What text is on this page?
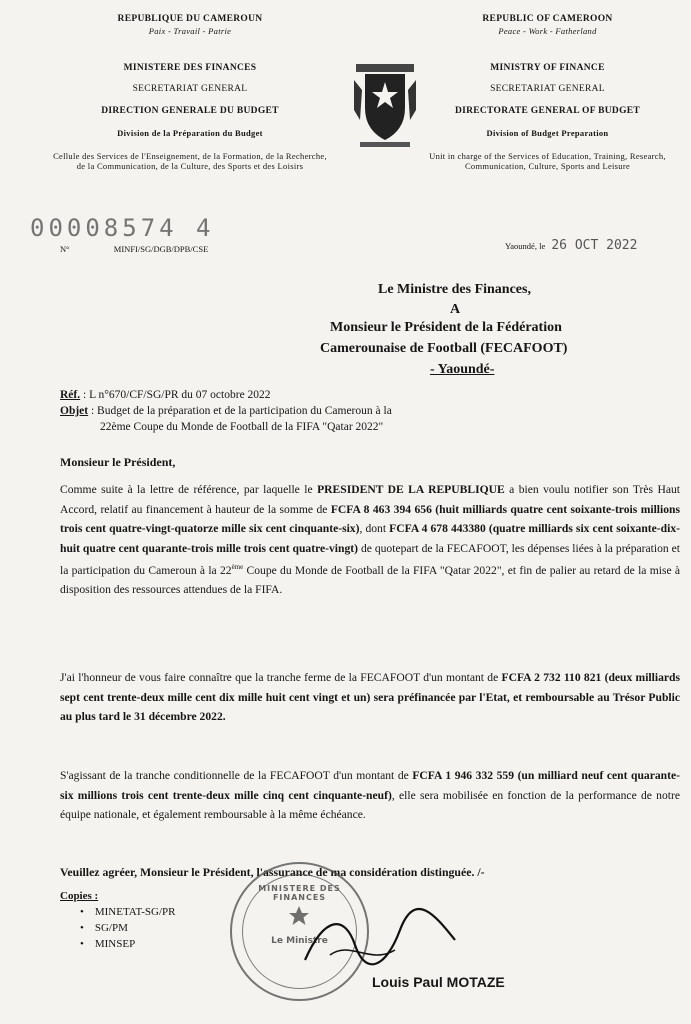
REPUBLIQUE DU CAMEROUN
Paix - Travail - Patrie
MINISTERE DES FINANCES
SECRETARIAT GENERAL
DIRECTION GENERALE DU BUDGET
Division de la Préparation du Budget
Cellule des Services de l'Enseignement, de la Formation, de la Recherche, de la Communication, de la Culture, des Sports et des Loisirs
00008574 4
N°	MINFI/SG/DGB/DPB/CSE
REPUBLIC OF CAMEROON
Peace - Work - Fatherland
MINISTRY OF FINANCE
SECRETARIAT GENERAL
DIRECTORATE GENERAL OF BUDGET
Division of Budget Preparation
Unit in charge of the Services of Education, Training, Research, Communication, Culture, Sports and Leisure
Yaoundé, le 26 OCT 2022
Le Ministre des Finances,
A
Monsieur le Président de la Fédération
Camerounaise de Football (FECAFOOT)
- Yaoundé-
Réf. : L n°670/CF/SG/PR du 07 octobre 2022
Objet : Budget de la préparation et de la participation du Cameroun à la
22ème Coupe du Monde de Football de la FIFA "Qatar 2022"
Monsieur le Président,
Comme suite à la lettre de référence, par laquelle le PRESIDENT DE LA REPUBLIQUE a bien voulu notifier son Très Haut Accord, relatif au financement à hauteur de la somme de FCFA 8 463 394 656 (huit milliards quatre cent soixante-trois millions trois cent quatre-vingt-quatorze mille six cent cinquante-six), dont FCFA 4 678 443380 (quatre milliards six cent soixante-dix-huit quatre cent quarante-trois mille trois cent quatre-vingt) de quotepart de la FECAFOOT, les dépenses liées à la préparation et la participation du Cameroun à la 22ème Coupe du Monde de Football de la FIFA "Qatar 2022", et fin de palier au retard de la mise à disposition des ressources attendues de la FIFA.
J'ai l'honneur de vous faire connaître que la tranche ferme de la FECAFOOT d'un montant de FCFA 2 732 110 821 (deux milliards sept cent trente-deux mille cent dix mille huit cent vingt et un) sera préfinancée par l'Etat, et remboursable au Trésor Public au plus tard le 31 décembre 2022.
S'agissant de la tranche conditionnelle de la FECAFOOT d'un montant de FCFA 1 946 332 559 (un milliard neuf cent quarante-six millions trois cent trente-deux mille cinq cent cinquante-neuf), elle sera mobilisée en fonction de la performance de notre équipe nationale, et également remboursable à la même échéance.
Veuillez agréer, Monsieur le Président, l'assurance de ma considération distinguée. /-
Copies :
•    MINETAT-SG/PR
•    SG/PM
•    MINSEP
MINISTERE DES FINANCES
Le Ministre
Louis Paul MOTAZE
